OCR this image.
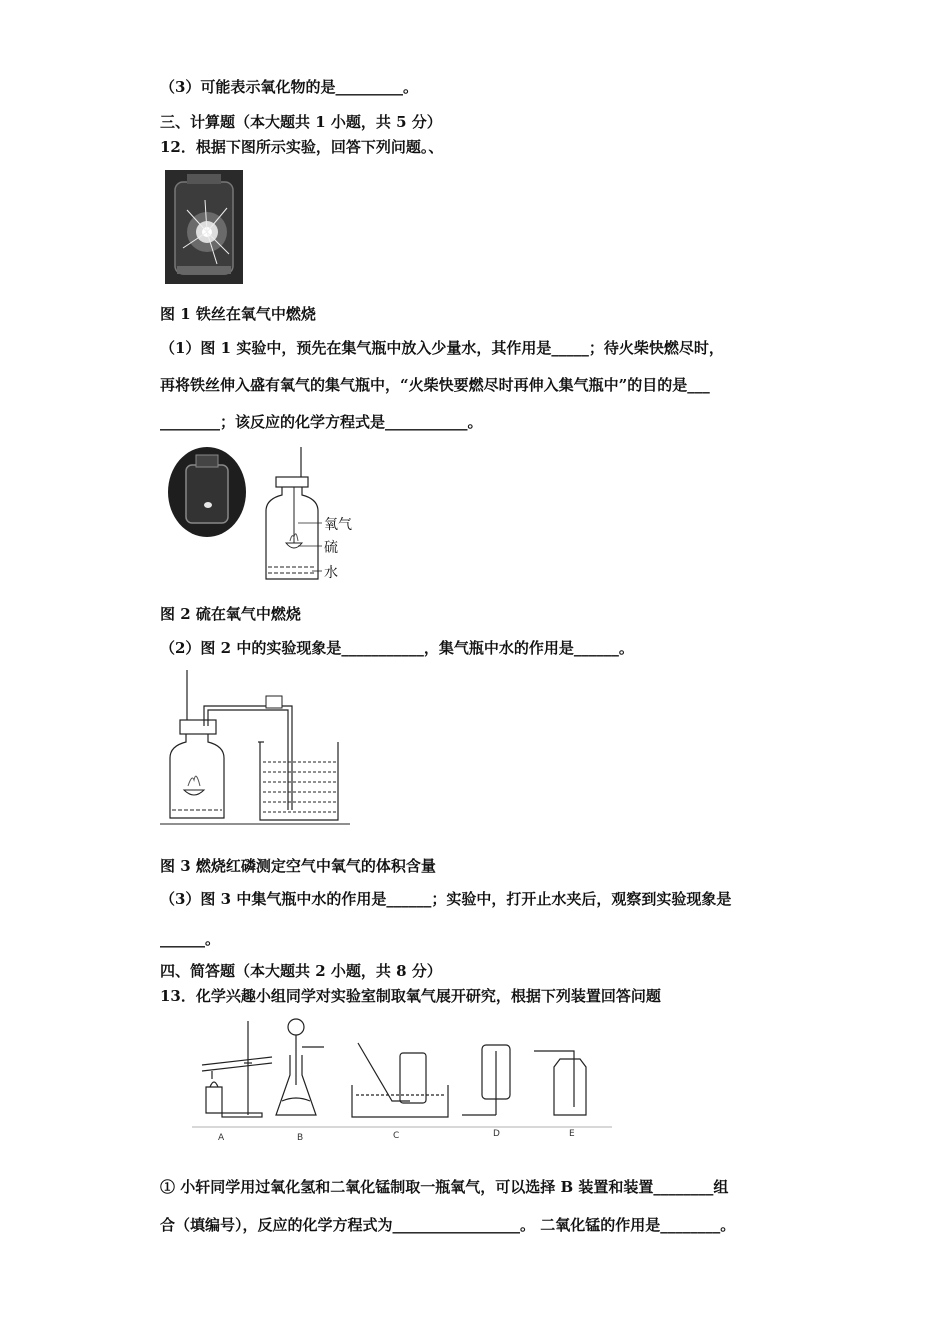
（3）可能表示氧化物的是_________。
三、计算题（本大题共 1 小题，共 5 分）
12．根据下图所示实验，回答下列问题。、
图 1 铁丝在氧气中燃烧
（1）图 1 实验中，预先在集气瓶中放入少量水，其作用是_____；待火柴快燃尽时，
再将铁丝伸入盛有氧气的集气瓶中，“火柴快要燃尽时再伸入集气瓶中”的目的是___
________；该反应的化学方程式是___________。
氧气
硫
水
图 2 硫在氧气中燃烧
（2）图 2 中的实验现象是___________，集气瓶中水的作用是______。
图 3 燃烧红磷测定空气中氧气的体积含量
（3）图 3 中集气瓶中水的作用是______；实验中，打开止水夹后，观察到实验现象是
______。
四、简答题（本大题共 2 小题，共 8 分）
13．化学兴趣小组同学对实验室制取氧气展开研究，根据下列装置回答问题
A	B	C	D	E
① 小轩同学用过氧化氢和二氧化锰制取一瓶氧气，可以选择 B 装置和装置________组
合（填编号），反应的化学方程式为_________________。 二氧化锰的作用是________。
